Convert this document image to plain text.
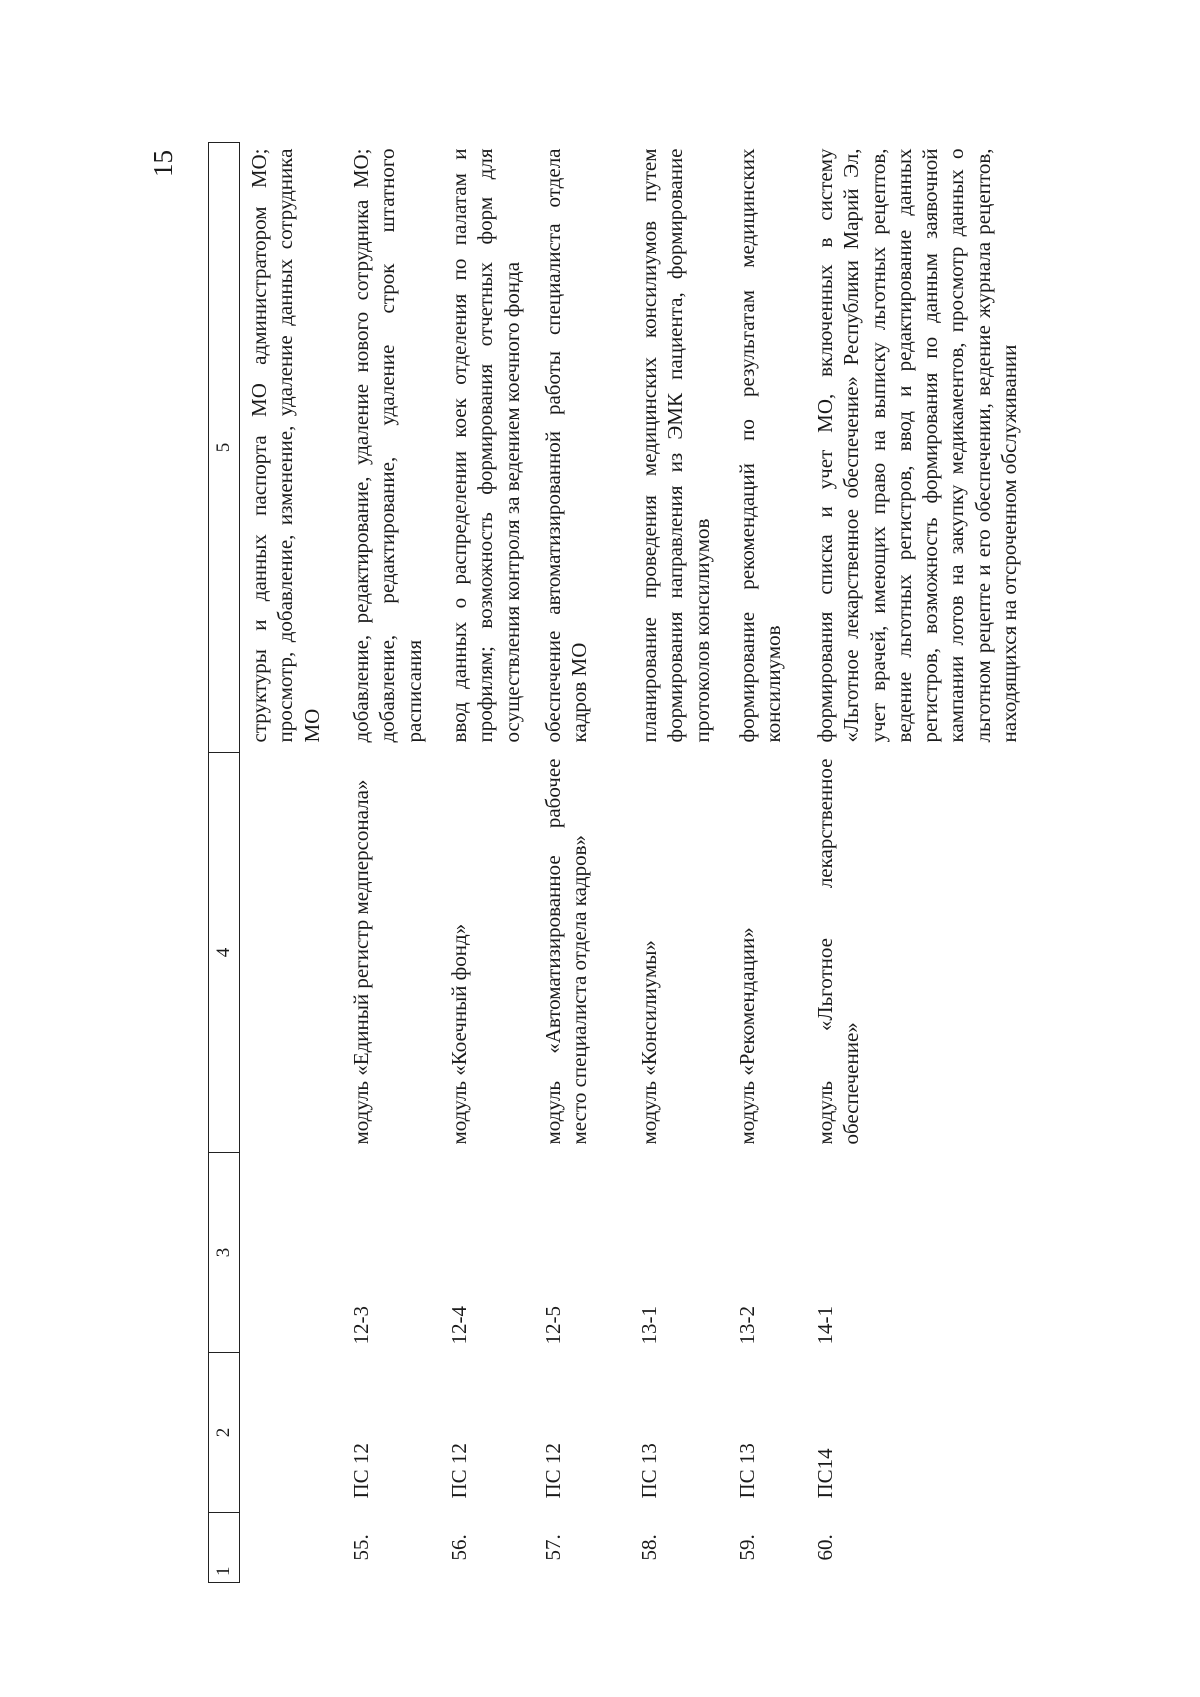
15
1	2	3	4	5
				структуры и данных паспорта МО администратором МО; просмотр, добавление, изменение, удаление данных сотрудника МО
55.	ПС 12	12-3	модуль «Единый регистр медперсонала»	добавление, редактирование, удаление нового сотрудника МО; добавление, редактирование, удаление строк штатного расписания
56.	ПС 12	12-4	модуль «Коечный фонд»	ввод данных о распределении коек отделения по палатам и профилям; возможность формирования отчетных форм для осуществления контроля за ведением коечного фонда
57.	ПС 12	12-5	модуль «Автоматизированное рабочее место специалиста отдела кадров»	обеспечение автоматизированной работы специалиста отдела кадров МО
58.	ПС 13	13-1	модуль «Консилиумы»	планирование проведения медицинских консилиумов путем формирования направления из ЭМК пациента, формирование протоколов консилиумов
59.	ПС 13	13-2	модуль «Рекомендации»	формирование рекомендаций по результатам медицинских консилиумов
60.	ПС14	14-1	модуль «Льготное лекарственное обеспечение»	формирования списка и учет МО, включенных в систему «Льготное лекарственное обеспечение» Республики Марий Эл, учет врачей, имеющих право на выписку льготных рецептов, ведение льготных регистров, ввод и редактирование данных регистров, возможность формирования по данным заявочной кампании лотов на закупку медикаментов, просмотр данных о льготном рецепте и его обеспечении, ведение журнала рецептов, находящихся на отсроченном обслуживании
